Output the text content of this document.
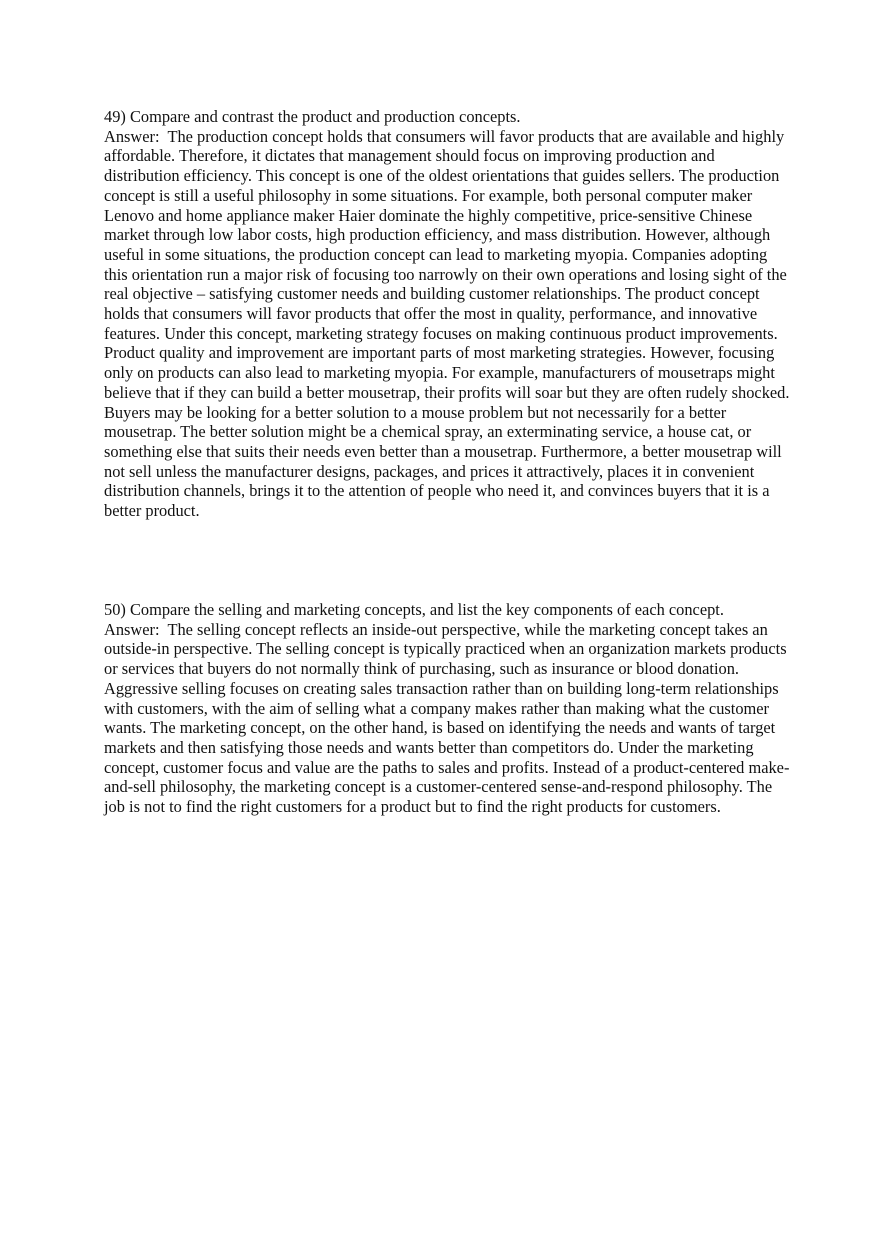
49) Compare and contrast the product and production concepts.
Answer: The production concept holds that consumers will favor products that are available and highly affordable. Therefore, it dictates that management should focus on improving production and distribution efficiency. This concept is one of the oldest orientations that guides sellers. The production concept is still a useful philosophy in some situations. For example, both personal computer maker Lenovo and home appliance maker Haier dominate the highly competitive, price-sensitive Chinese market through low labor costs, high production efficiency, and mass distribution. However, although useful in some situations, the production concept can lead to marketing myopia. Companies adopting this orientation run a major risk of focusing too narrowly on their own operations and losing sight of the real objective – satisfying customer needs and building customer relationships. The product concept holds that consumers will favor products that offer the most in quality, performance, and innovative features. Under this concept, marketing strategy focuses on making continuous product improvements. Product quality and improvement are important parts of most marketing strategies. However, focusing only on products can also lead to marketing myopia. For example, manufacturers of mousetraps might believe that if they can build a better mousetrap, their profits will soar but they are often rudely shocked. Buyers may be looking for a better solution to a mouse problem but not necessarily for a better mousetrap. The better solution might be a chemical spray, an exterminating service, a house cat, or something else that suits their needs even better than a mousetrap. Furthermore, a better mousetrap will not sell unless the manufacturer designs, packages, and prices it attractively, places it in convenient distribution channels, brings it to the attention of people who need it, and convinces buyers that it is a better product.
50) Compare the selling and marketing concepts, and list the key components of each concept.
Answer: The selling concept reflects an inside-out perspective, while the marketing concept takes an outside-in perspective. The selling concept is typically practiced when an organization markets products or services that buyers do not normally think of purchasing, such as insurance or blood donation. Aggressive selling focuses on creating sales transaction rather than on building long-term relationships with customers, with the aim of selling what a company makes rather than making what the customer wants. The marketing concept, on the other hand, is based on identifying the needs and wants of target markets and then satisfying those needs and wants better than competitors do. Under the marketing concept, customer focus and value are the paths to sales and profits. Instead of a product-centered make-and-sell philosophy, the marketing concept is a customer-centered sense-and-respond philosophy. The job is not to find the right customers for a product but to find the right products for customers.
